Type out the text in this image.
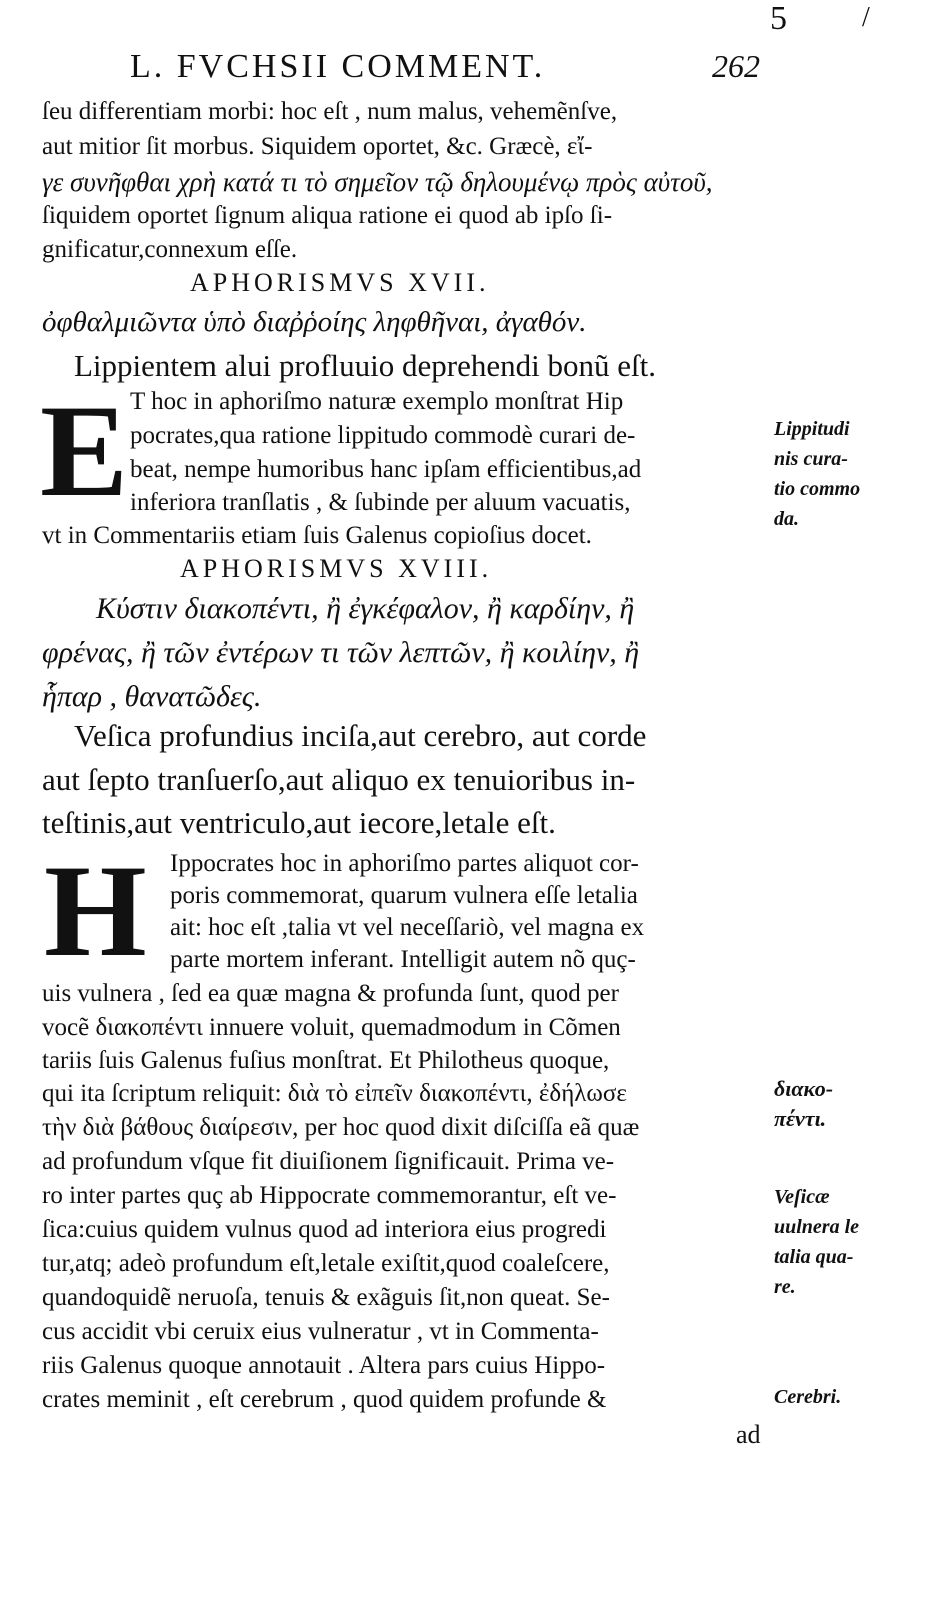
5	/
L. FVCHSII COMMENT.	262
ſeu differentiam morbi: hoc eſt , num malus, vehemẽnſve,
aut mitior ſit morbus. Siquidem oportet, &c. Græcè, εἴ-
γε συνῆφθαι χρὴ κατά τι τὸ σημεῖον τῷ δηλουμένῳ πρὸς αὐτοῦ,
ſiquidem oportet ſignum aliqua ratione ei quod ab ipſo ſi-
gnificatur,connexum eſſe.
APHORISMVS XVII.
ὀφθαλμιῶντα ὑπὸ διαῤῥοίης ληφθῆναι, ἀγαθόν.
Lippientem alui profluuio deprehendi bonũ eſt.
E T hoc in aphoriſmo naturæ exemplo monſtrat Hip
pocrates,qua ratione lippitudo commodè curari de-
beat, nempe humoribus hanc ipſam efficientibus,ad
inferiora tranſlatis , & ſubinde per aluum vacuatis,
vt in Commentariis etiam ſuis Galenus copioſius docet.
Lippitudi
nis cura-
tio commo
da.
APHORISMVS XVIII.
Κύστιν διακοπέντι, ἢ ἐγκέφαλον, ἢ καρδίην, ἢ
φρένας, ἢ τῶν ἐντέρων τι τῶν λεπτῶν, ἢ κοιλίην, ἢ
ἧπαρ , θανατῶδες.
Veſica profundius inciſa,aut cerebro, aut corde
aut ſepto tranſuerſo,aut aliquo ex tenuioribus in-
teſtinis,aut ventriculo,aut iecore,letale eſt.
H Ippocrates hoc in aphoriſmo partes aliquot cor-
poris commemorat, quarum vulnera eſſe letalia
ait: hoc eſt ,talia vt vel neceſſariò, vel magna ex
parte mortem inferant. Intelligit autem nõ quç-
uis vulnera , ſed ea quæ magna & profunda ſunt, quod per
vocẽ διακοπέντι innuere voluit, quemadmodum in Cõmen
tariis ſuis Galenus fuſius monſtrat. Et Philotheus quoque,
qui ita ſcriptum reliquit: διὰ τὸ εἰπεῖν διακοπέντι, ἐδήλωσε
τὴν διὰ βάθους διαίρεσιν, per hoc quod dixit diſciſſa eã quæ
ad profundum vſque fit diuiſionem ſignificauit. Prima ve-
ro inter partes quç ab Hippocrate commemorantur, eſt ve-
ſica:cuius quidem vulnus quod ad interiora eius progredi
tur,atq; adeò profundum eſt,letale exiſtit,quod coaleſcere,
quandoquidẽ neruoſa, tenuis & exãguis ſit,non queat. Se-
cus accidit vbi ceruix eius vulneratur , vt in Commenta-
riis Galenus quoque annotauit . Altera pars cuius Hippo-
crates meminit , eſt cerebrum , quod quidem profunde &
ad
διακο-
πέντι.
Veſicæ
uulnera le
talia qua-
re.
Cerebri.
